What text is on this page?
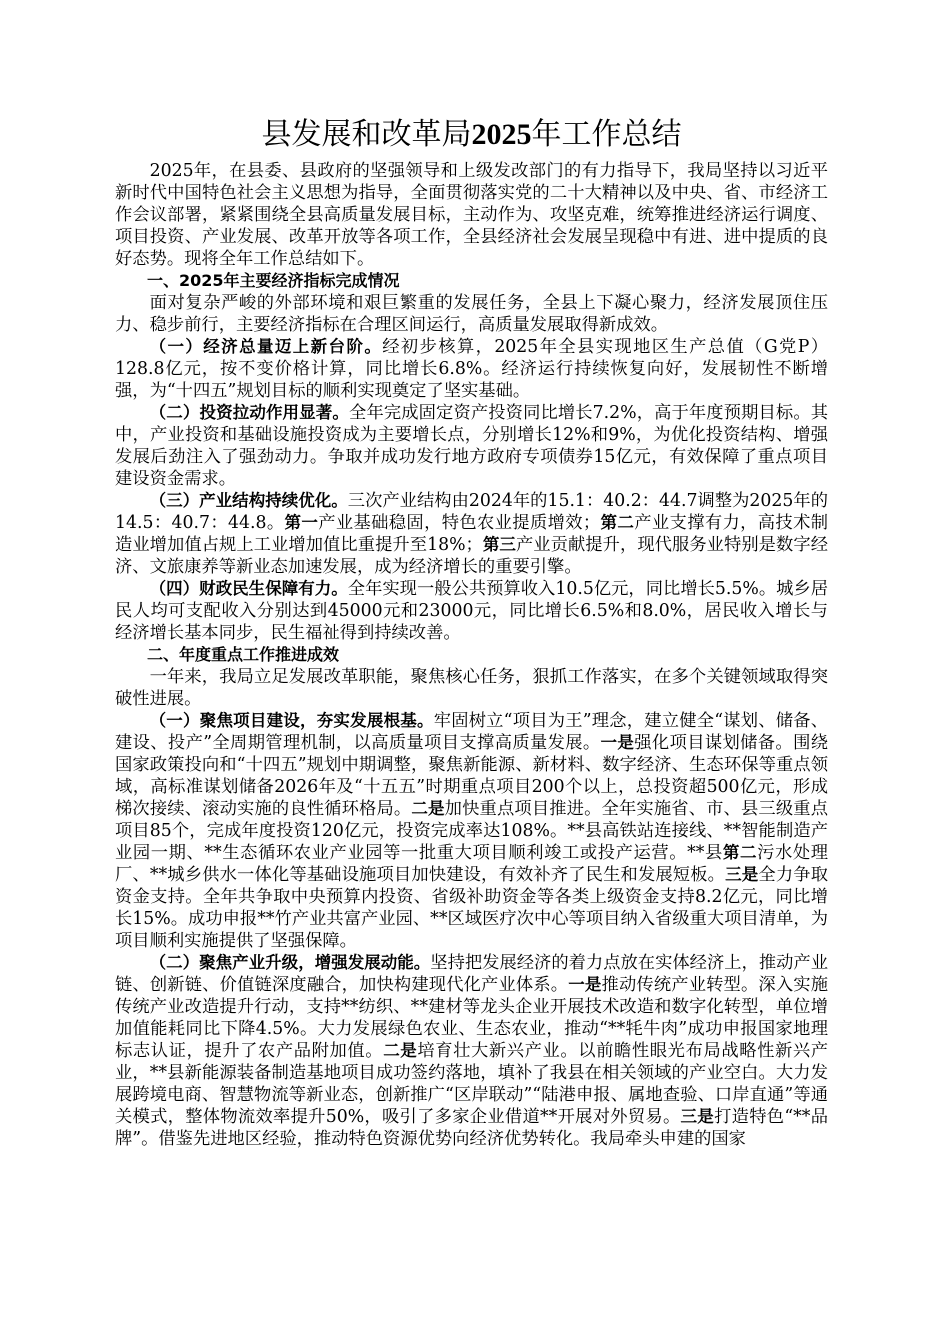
县发展和改革局2025年工作总结

2025年，在县委、县政府的坚强领导和上级发改部门的有力指导下，我局坚持以习近平新时代中国特色社会主义思想为指导，全面贯彻落实党的二十大精神以及中央、省、市经济工作会议部署，紧紧围绕全县高质量发展目标，主动作为、攻坚克难，统筹推进经济运行调度、项目投资、产业发展、改革开放等各项工作，全县经济社会发展呈现稳中有进、进中提质的良好态势。现将全年工作总结如下。

一、2025年主要经济指标完成情况

面对复杂严峻的外部环境和艰巨繁重的发展任务，全县上下凝心聚力，经济发展顶住压力、稳步前行，主要经济指标在合理区间运行，高质量发展取得新成效。

（一）经济总量迈上新台阶。经初步核算，2025年全县实现地区生产总值（G党P）128.8亿元，按不变价格计算，同比增长6.8%。经济运行持续恢复向好，发展韧性不断增强，为“十四五”规划目标的顺利实现奠定了坚实基础。

（二）投资拉动作用显著。全年完成固定资产投资同比增长7.2%，高于年度预期目标。其中，产业投资和基础设施投资成为主要增长点，分别增长12%和9%，为优化投资结构、增强发展后劲注入了强劲动力。争取并成功发行地方政府专项债券15亿元，有效保障了重点项目建设资金需求。

（三）产业结构持续优化。三次产业结构由2024年的15.1：40.2：44.7调整为2025年的14.5：40.7：44.8。第一产业基础稳固，特色农业提质增效；第二产业支撑有力，高技术制造业增加值占规上工业增加值比重提升至18%；第三产业贡献提升，现代服务业特别是数字经济、文旅康养等新业态加速发展，成为经济增长的重要引擎。

（四）财政民生保障有力。全年实现一般公共预算收入10.5亿元，同比增长5.5%。城乡居民人均可支配收入分别达到45000元和23000元，同比增长6.5%和8.0%，居民收入增长与经济增长基本同步，民生福祉得到持续改善。

二、年度重点工作推进成效

一年来，我局立足发展改革职能，聚焦核心任务，狠抓工作落实，在多个关键领域取得突破性进展。

（一）聚焦项目建设，夯实发展根基。牢固树立“项目为王”理念，建立健全“谋划、储备、建设、投产”全周期管理机制，以高质量项目支撑高质量发展。一是强化项目谋划储备。围绕国家政策投向和“十四五”规划中期调整，聚焦新能源、新材料、数字经济、生态环保等重点领域，高标准谋划储备2026年及“十五五”时期重点项目200个以上，总投资超500亿元，形成梯次接续、滚动实施的良性循环格局。二是加快重点项目推进。全年实施省、市、县三级重点项目85个，完成年度投资120亿元，投资完成率达108%。**县高铁站连接线、**智能制造产业园一期、**生态循环农业产业园等一批重大项目顺利竣工或投产运营。**县第二污水处理厂、**城乡供水一体化等基础设施项目加快建设，有效补齐了民生和发展短板。三是全力争取资金支持。全年共争取中央预算内投资、省级补助资金等各类上级资金支持8.2亿元，同比增长15%。成功申报**竹产业共富产业园、**区域医疗次中心等项目纳入省级重大项目清单，为项目顺利实施提供了坚强保障。

（二）聚焦产业升级，增强发展动能。坚持把发展经济的着力点放在实体经济上，推动产业链、创新链、价值链深度融合，加快构建现代化产业体系。一是推动传统产业转型。深入实施传统产业改造提升行动，支持**纺织、**建材等龙头企业开展技术改造和数字化转型，单位增加值能耗同比下降4.5%。大力发展绿色农业、生态农业，推动“**牦牛肉”成功申报国家地理标志认证，提升了农产品附加值。二是培育壮大新兴产业。以前瞻性眼光布局战略性新兴产业，**县新能源装备制造基地项目成功签约落地，填补了我县在相关领域的产业空白。大力发展跨境电商、智慧物流等新业态，创新推广“区岸联动”“陆港申报、属地查验、口岸直通”等通关模式，整体物流效率提升50%，吸引了多家企业借道**开展对外贸易。三是打造特色“**品牌”。借鉴先进地区经验，推动特色资源优势向经济优势转化。我局牵头申建的国家
